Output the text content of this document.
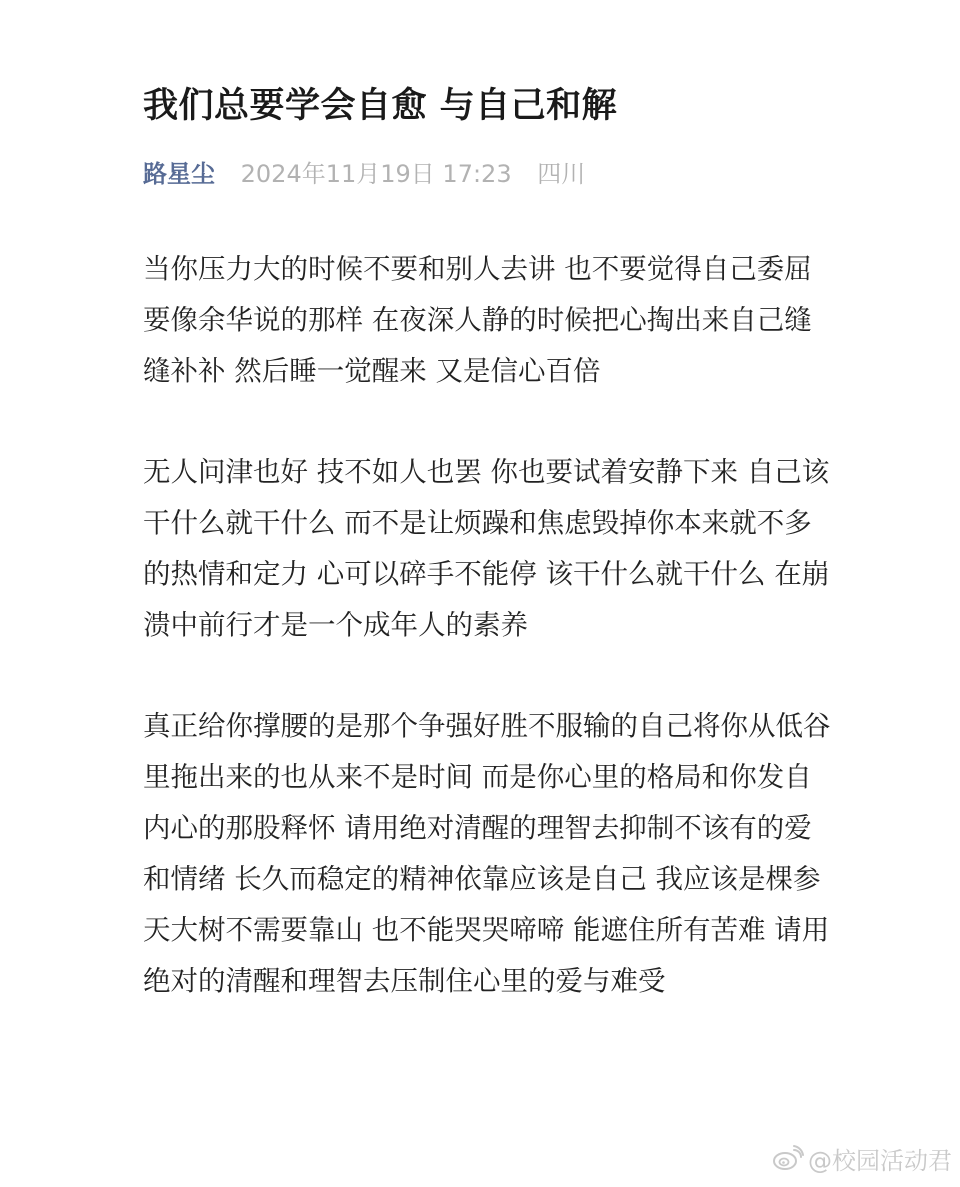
我们总要学会自愈 与自己和解
路星尘 2024年11月19日 17:23 四川

当你压力大的时候不要和别人去讲 也不要觉得自己委屈 要像余华说的那样 在夜深人静的时候把心掏出来自己缝缝补补 然后睡一觉醒来 又是信心百倍

无人问津也好 技不如人也罢 你也要试着安静下来 自己该干什么就干什么 而不是让烦躁和焦虑毁掉你本来就不多的热情和定力 心可以碎手不能停 该干什么就干什么 在崩溃中前行才是一个成年人的素养

真正给你撑腰的是那个争强好胜不服输的自己将你从低谷里拖出来的也从来不是时间 而是你心里的格局和你发自内心的那股释怀 请用绝对清醒的理智去抑制不该有的爱和情绪 长久而稳定的精神依靠应该是自己 我应该是棵参天大树不需要靠山 也不能哭哭啼啼 能遮住所有苦难 请用绝对的清醒和理智去压制住心里的爱与难受

@校园活动君
